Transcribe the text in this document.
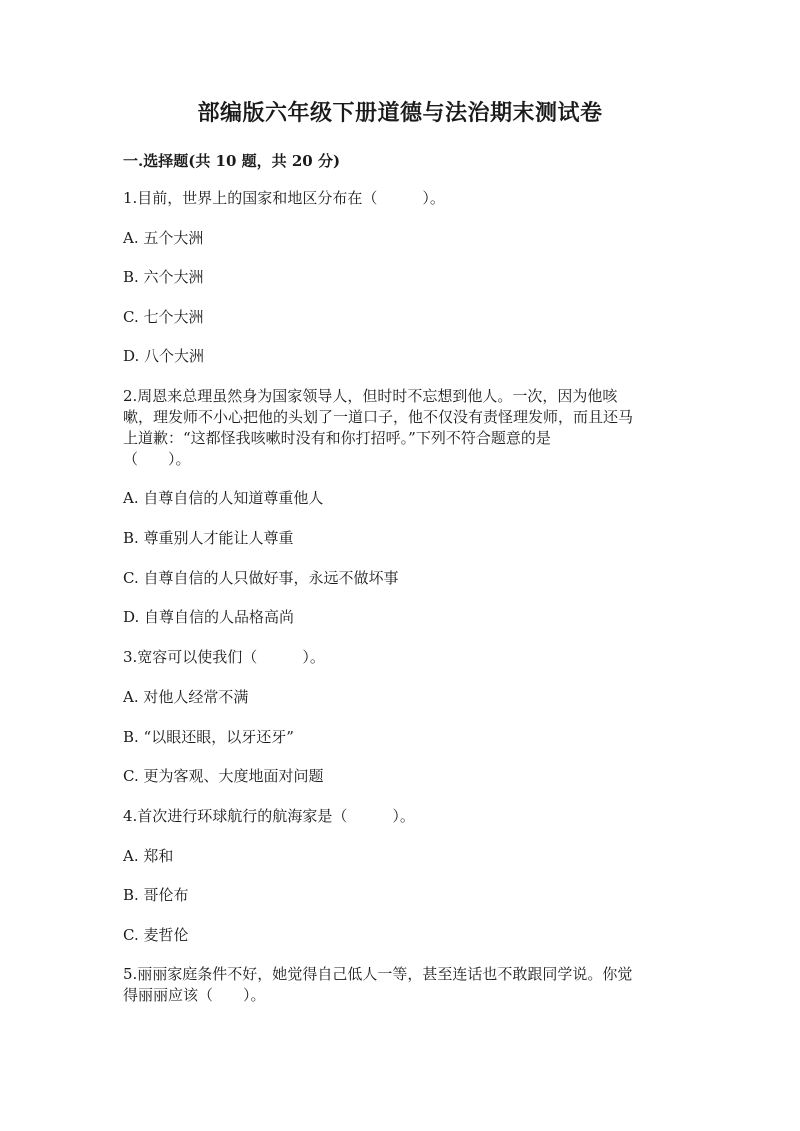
部编版六年级下册道德与法治期末测试卷
一.选择题(共 10 题，共 20 分)

1.目前，世界上的国家和地区分布在（　　　）。

A. 五个大洲

B. 六个大洲

C. 七个大洲

D. 八个大洲

2.周恩来总理虽然身为国家领导人，但时时不忘想到他人。一次，因为他咳
嗽，理发师不小心把他的头划了一道口子，他不仅没有责怪理发师，而且还马
上道歉：“这都怪我咳嗽时没有和你打招呼。”下列不符合题意的是
（　　）。

A. 自尊自信的人知道尊重他人

B. 尊重别人才能让人尊重

C. 自尊自信的人只做好事，永远不做坏事

D. 自尊自信的人品格高尚

3.宽容可以使我们（　　　）。

A. 对他人经常不满

B. “以眼还眼，以牙还牙”

C. 更为客观、大度地面对问题

4.首次进行环球航行的航海家是（　　　）。

A. 郑和

B. 哥伦布

C. 麦哲伦

5.丽丽家庭条件不好，她觉得自己低人一等，甚至连话也不敢跟同学说。你觉
得丽丽应该（　　）。
